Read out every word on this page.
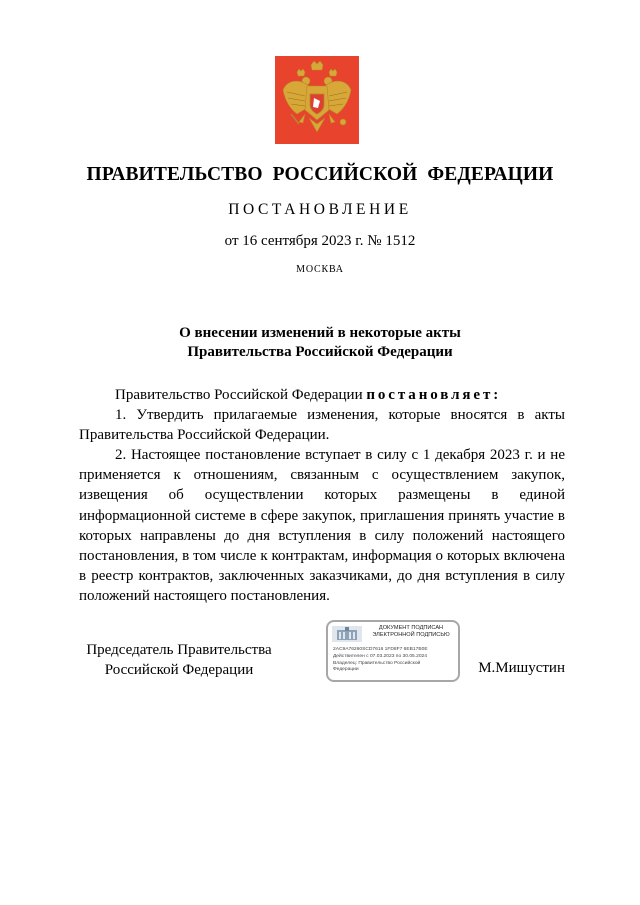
ПРАВИТЕЛЬСТВО РОССИЙСКОЙ ФЕДЕРАЦИИ
ПОСТАНОВЛЕНИЕ
от 16 сентября 2023 г. № 1512
МОСКВА
О внесении изменений в некоторые акты
Правительства Российской Федерации

Правительство Российской Федерации постановляет:

1. Утвердить прилагаемые изменения, которые вносятся в акты Правительства Российской Федерации.

2. Настоящее постановление вступает в силу с 1 декабря 2023 г. и не применяется к отношениям, связанным с осуществлением закупок, извещения об осуществлении которых размещены в единой информационной системе в сфере закупок, приглашения принять участие в которых направлены до дня вступления в силу положений настоящего постановления, в том числе к контрактам, информация о которых включена в реестр контрактов, заключенных заказчиками, до дня вступления в силу положений настоящего постановления.

Председатель Правительства
Российской Федерации
ДОКУМЕНТ ПОДПИСАН
ЭЛЕКТРОННОЙ ПОДПИСЬЮ
2AC9A76260SCD7616 1FD8F7 6EB17B0E
Действителен с 07.03.2023 по 30.05.2024
Владелец: Правительство Российской
Федерации	М.Мишустин
